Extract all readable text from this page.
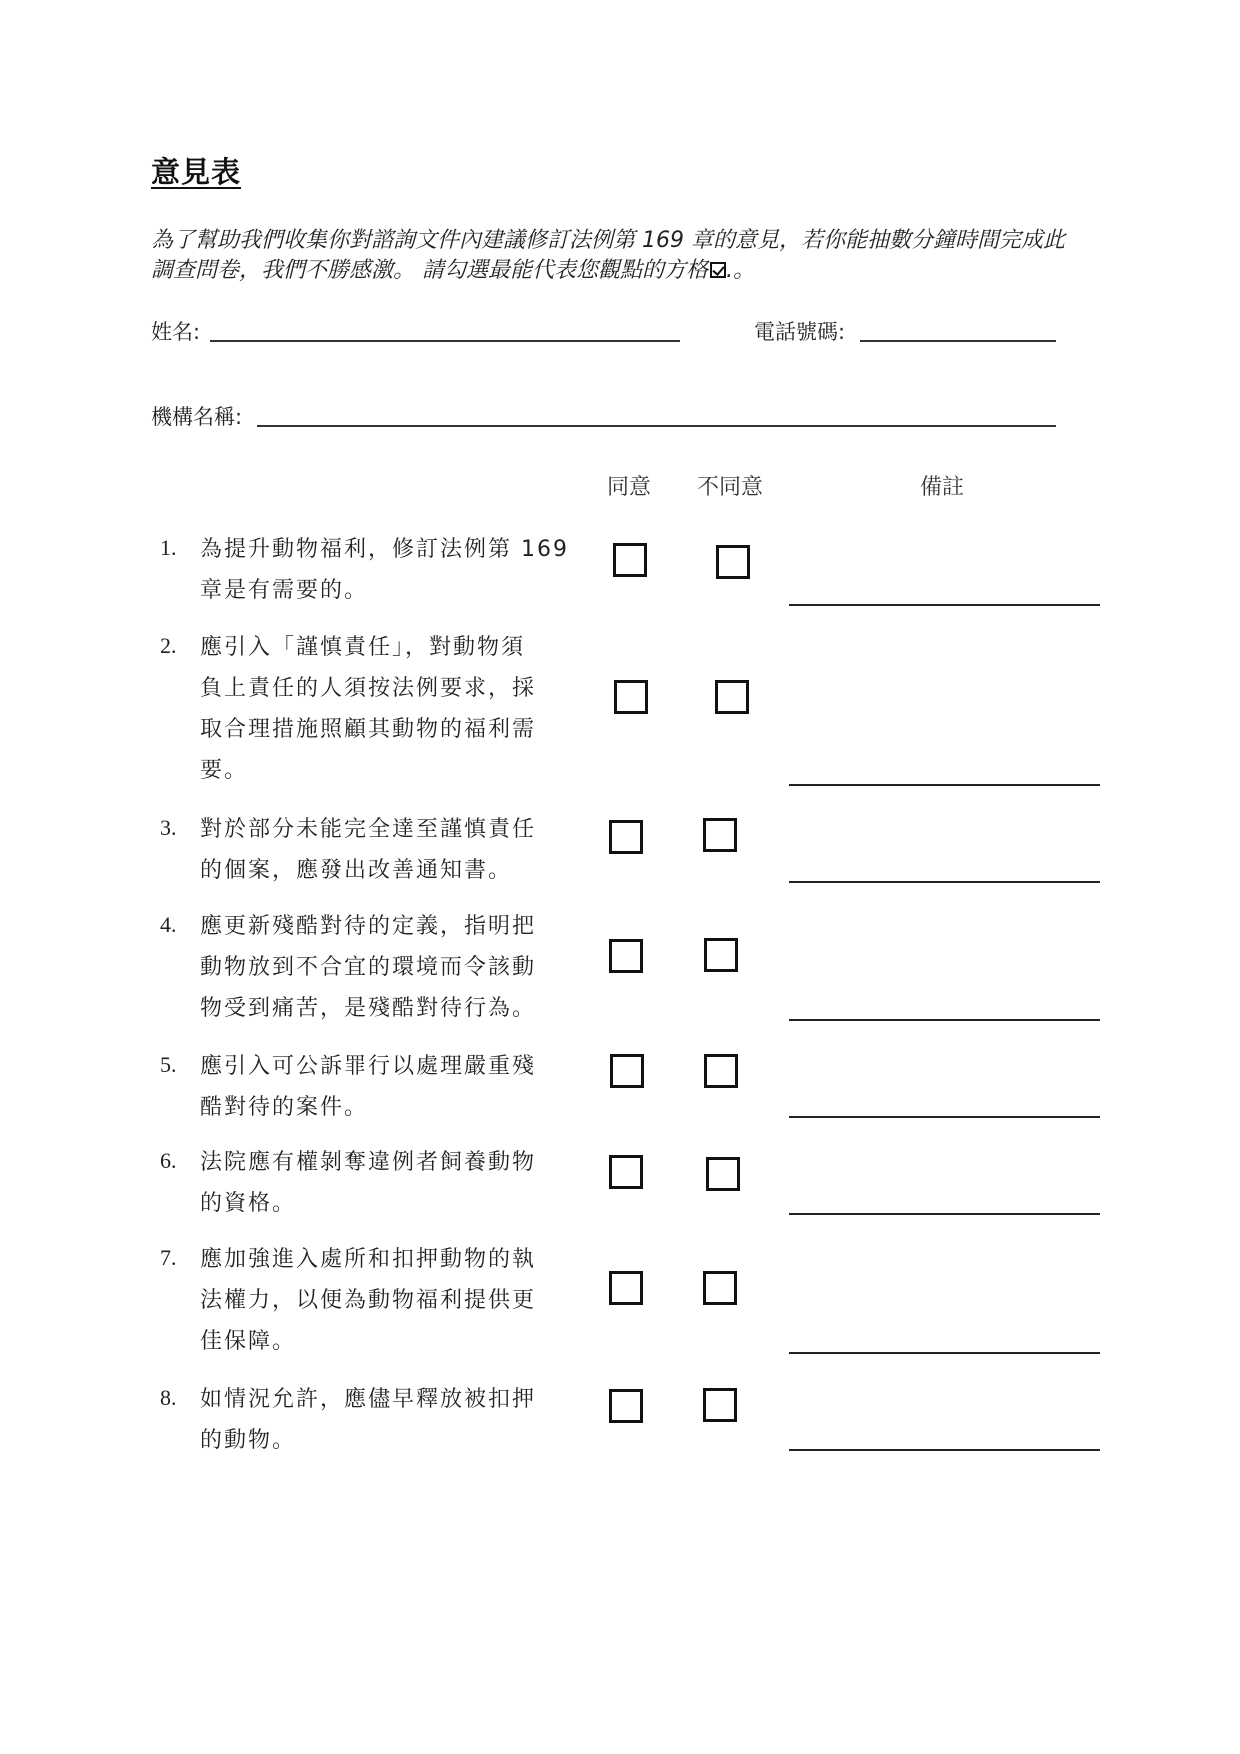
意見表
為了幫助我們收集你對諮詢文件內建議修訂法例第 169 章的意見，若你能抽數分鐘時間完成此
調查問卷，我們不勝感激。 請勾選最能代表您觀點的方格 .。
姓名:	電話號碼:
機構名稱:
同意 不同意	備註
1. 為提升動物福利，修訂法例第 169
章是有需要的。
2. 應引入「謹慎責任」，對動物須
負上責任的人須按法例要求，採
取合理措施照顧其動物的福利需
要。
3. 對於部分未能完全達至謹慎責任
的個案，應發出改善通知書。
4. 應更新殘酷對待的定義，指明把
動物放到不合宜的環境而令該動
物受到痛苦，是殘酷對待行為。
5. 應引入可公訴罪行以處理嚴重殘
酷對待的案件。
6. 法院應有權剝奪違例者飼養動物
的資格。
7. 應加強進入處所和扣押動物的執
法權力，以便為動物福利提供更
佳保障。
8. 如情況允許，應儘早釋放被扣押
的動物。
